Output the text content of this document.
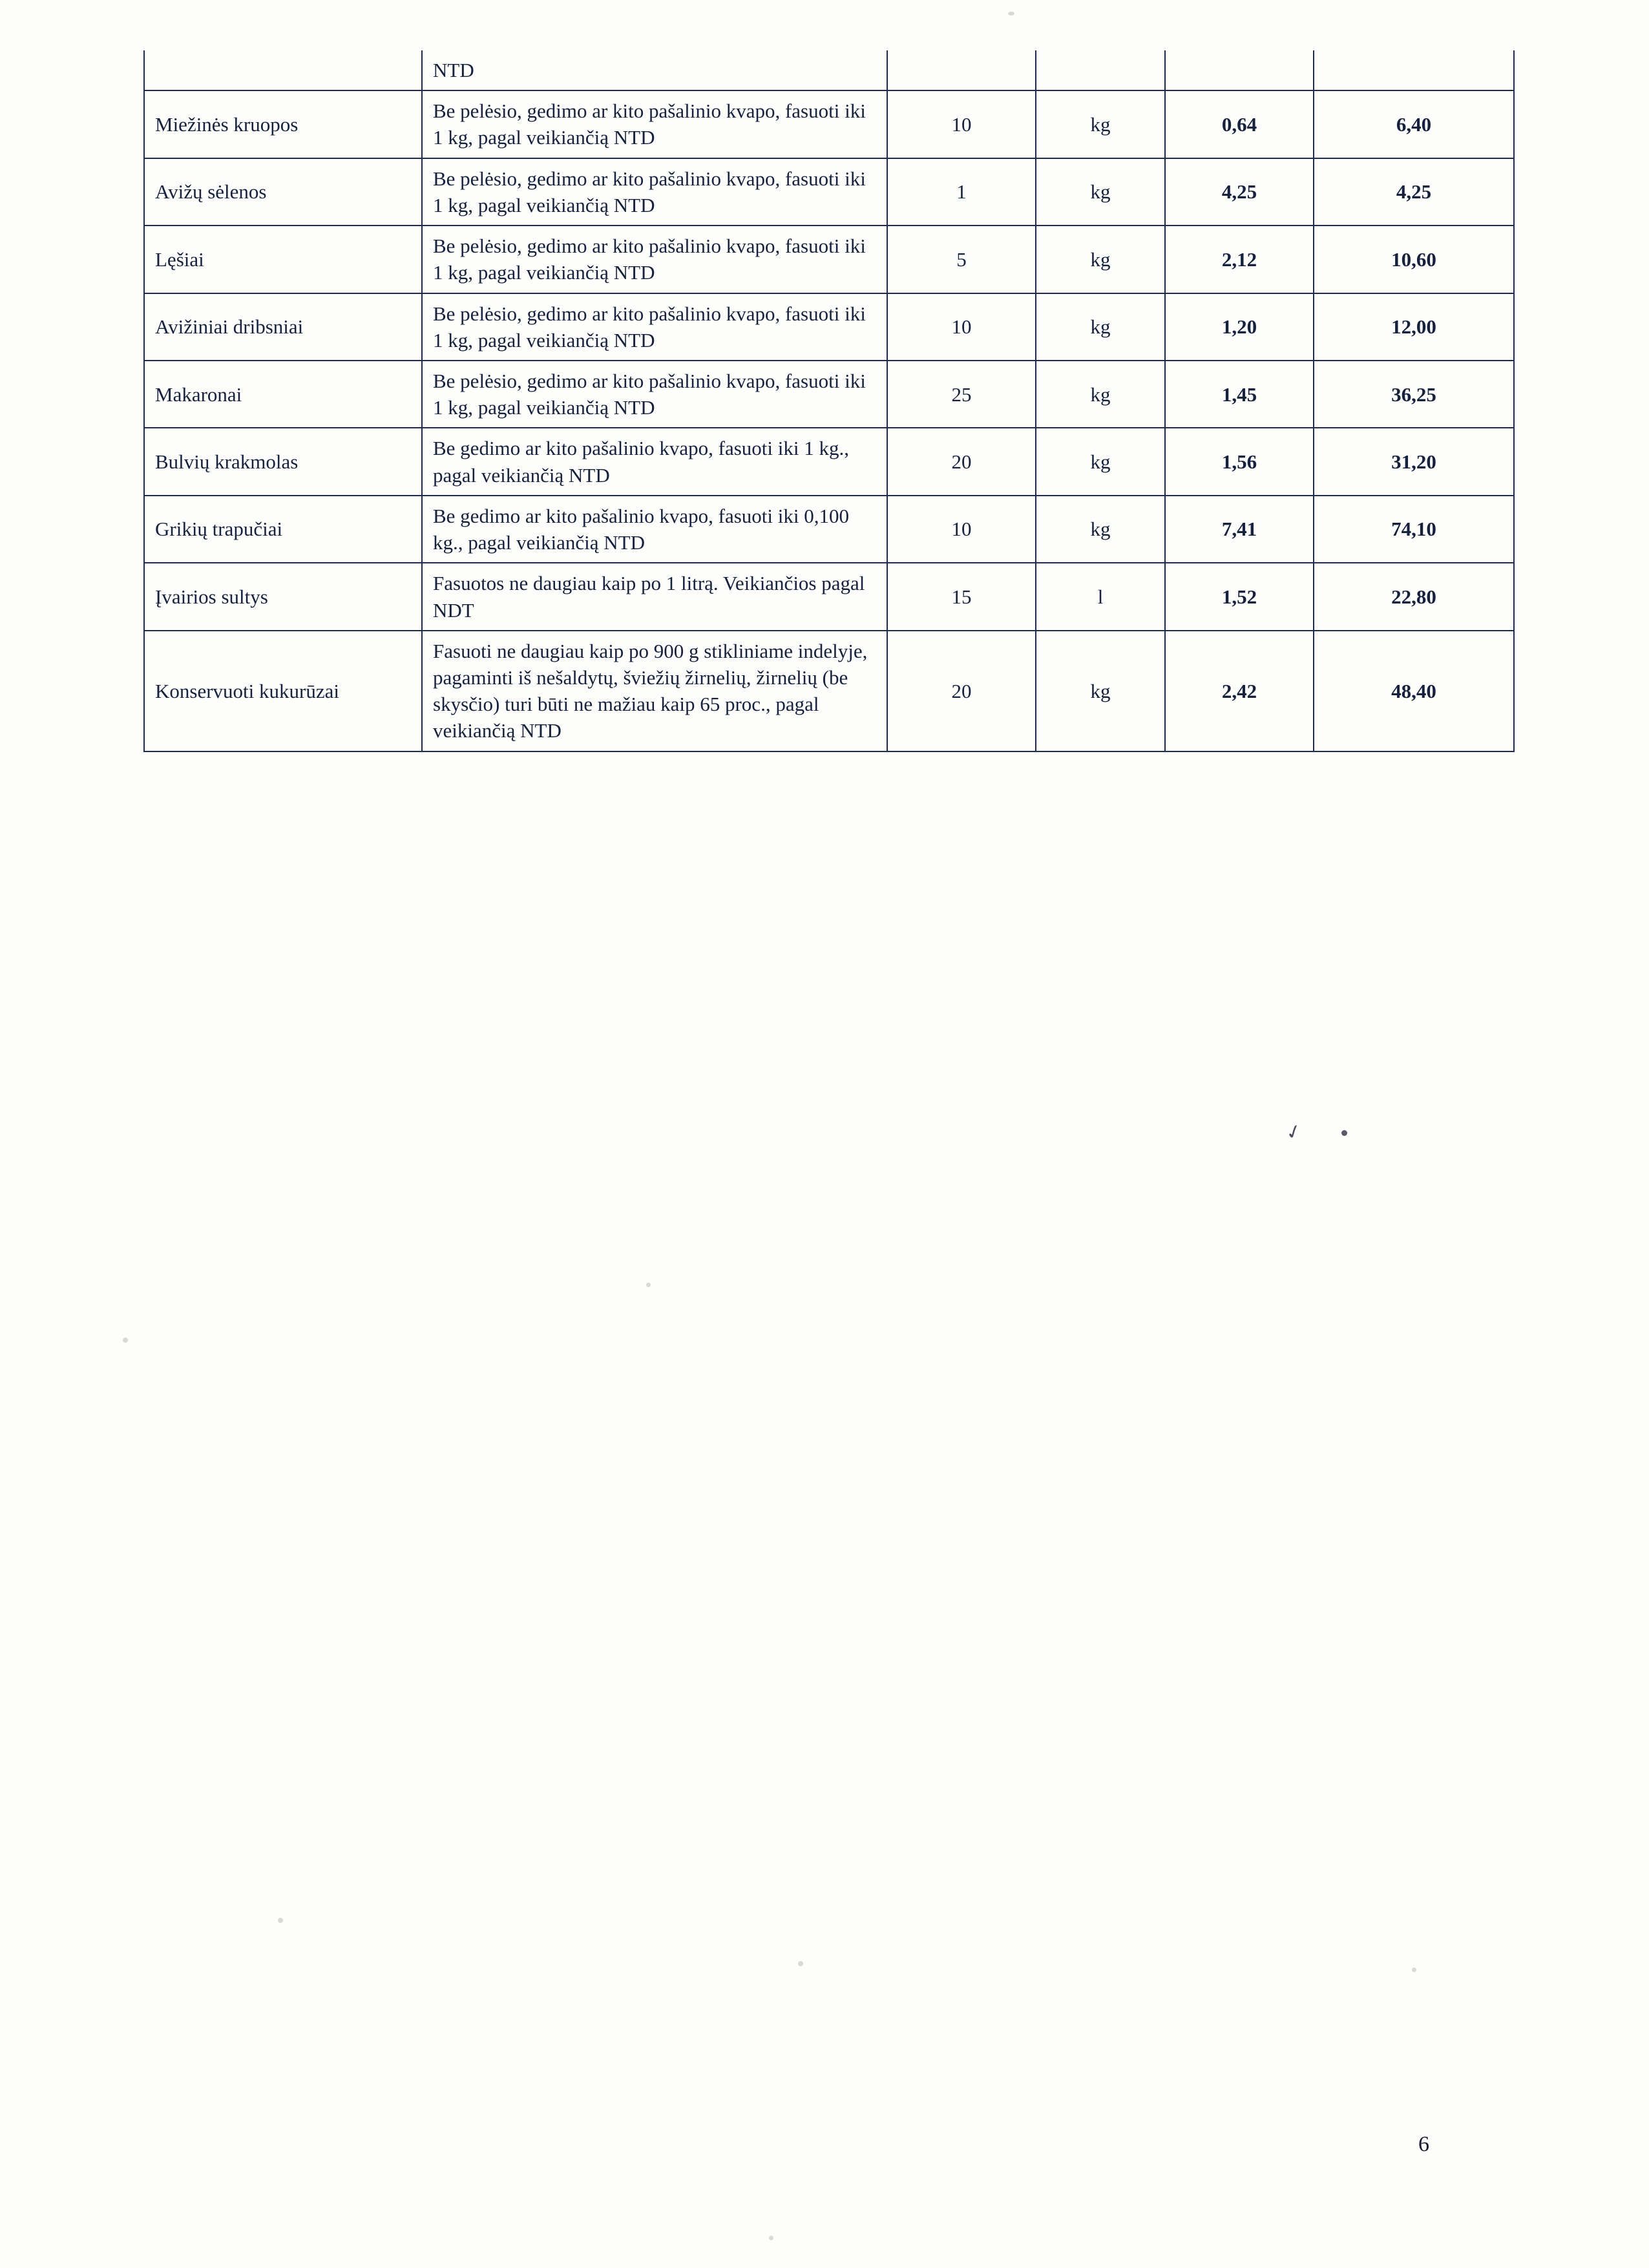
	NTD				
Miežinės kruopos	Be pelėsio, gedimo ar kito pašalinio kvapo, fasuoti iki 1 kg, pagal veikiančią NTD	10	kg	0,64	6,40
Avižų sėlenos	Be pelėsio, gedimo ar kito pašalinio kvapo, fasuoti iki 1 kg, pagal veikiančią NTD	1	kg	4,25	4,25
Lęšiai	Be pelėsio, gedimo ar kito pašalinio kvapo, fasuoti iki 1 kg, pagal veikiančią NTD	5	kg	2,12	10,60
Avižiniai dribsniai	Be pelėsio, gedimo ar kito pašalinio kvapo, fasuoti iki 1 kg, pagal veikiančią NTD	10	kg	1,20	12,00
Makaronai	Be pelėsio, gedimo ar kito pašalinio kvapo, fasuoti iki 1 kg, pagal veikiančią NTD	25	kg	1,45	36,25
Bulvių krakmolas	Be gedimo ar kito pašalinio kvapo, fasuoti iki 1 kg., pagal veikiančią NTD	20	kg	1,56	31,20
Grikių trapučiai	Be gedimo ar kito pašalinio kvapo, fasuoti iki 0,100 kg., pagal veikiančią NTD	10	kg	7,41	74,10
Įvairios sultys	Fasuotos ne daugiau kaip po 1 litrą. Veikiančios pagal NDT	15	l	1,52	22,80
Konservuoti kukurūzai	Fasuoti ne daugiau kaip po 900 g stikliniame indelyje, pagaminti iš nešaldytų, šviežių žirnelių, žirnelių (be skysčio) turi būti ne mažiau kaip 65 proc., pagal veikiančią NTD	20	kg	2,42	48,40
✓
6
